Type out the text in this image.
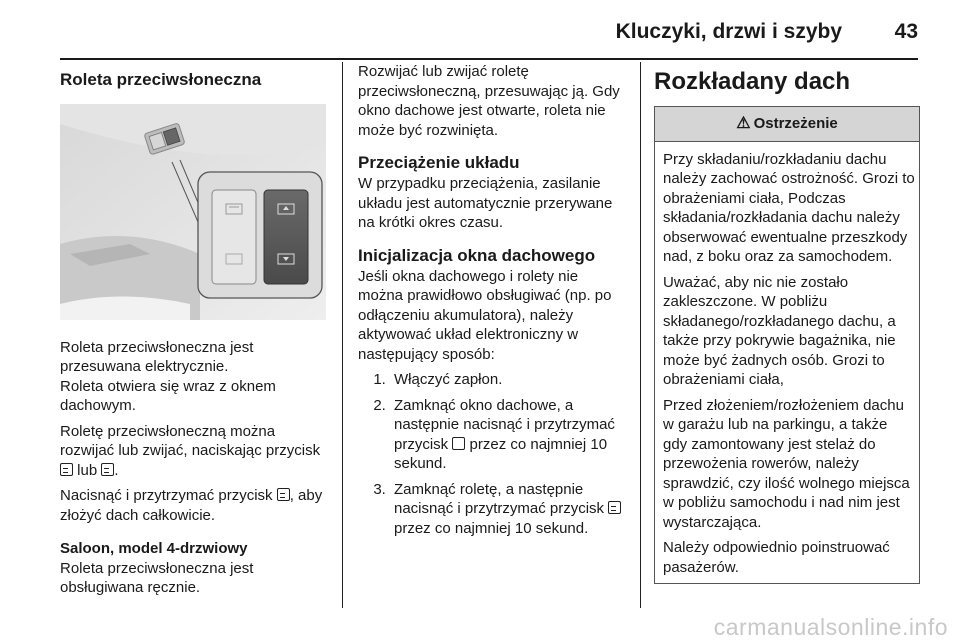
Kluczyki, drzwi i szyby	43
Roleta przeciwsłoneczna

Roleta przeciwsłoneczna jest przesuwana elektrycznie.

Roleta otwiera się wraz z oknem dachowym.

Roletę przeciwsłoneczną można rozwijać lub zwijać, naciskając przycisk  lub .

Nacisnąć i przytrzymać przycisk , aby złożyć dach całkowicie.

Saloon, model 4-drzwiowy

Roleta przeciwsłoneczna jest obsługiwana ręcznie.

Rozwijać lub zwijać roletę przeciwsłoneczną, przesuwając ją. Gdy okno dachowe jest otwarte, roleta nie może być rozwinięta.

Przeciążenie układu

W przypadku przeciążenia, zasilanie układu jest automatycznie przerywane na krótki okres czasu.

Inicjalizacja okna dachowego

Jeśli okna dachowego i rolety nie można prawidłowo obsługiwać (np. po odłączeniu akumulatora), należy aktywować układ elektroniczny w następujący sposób:

1. Włączyć zapłon.
2. Zamknąć okno dachowe, a następnie nacisnąć i przytrzymać przycisk  przez co najmniej 10 sekund.
3. Zamknąć roletę, a następnie nacisnąć i przytrzymać przycisk  przez co najmniej 10 sekund.
Rozkładany dach
⚠ Ostrzeżenie

Przy składaniu/rozkładaniu dachu należy zachować ostrożność. Grozi to obrażeniami ciała, Podczas składania/rozkładania dachu należy obserwować ewentualne przeszkody nad, z boku oraz za samochodem.

Uważać, aby nic nie zostało zakleszczone. W pobliżu składanego/rozkładanego dachu, a także przy pokrywie bagażnika, nie może być żadnych osób. Grozi to obrażeniami ciała,

Przed złożeniem/rozłożeniem dachu w garażu lub na parkingu, a także gdy zamontowany jest stelaż do przewożenia rowerów, należy sprawdzić, czy ilość wolnego miejsca w pobliżu samochodu i nad nim jest wystarczająca.

Należy odpowiednio poinstruować pasażerów.

carmanualsonline.info
